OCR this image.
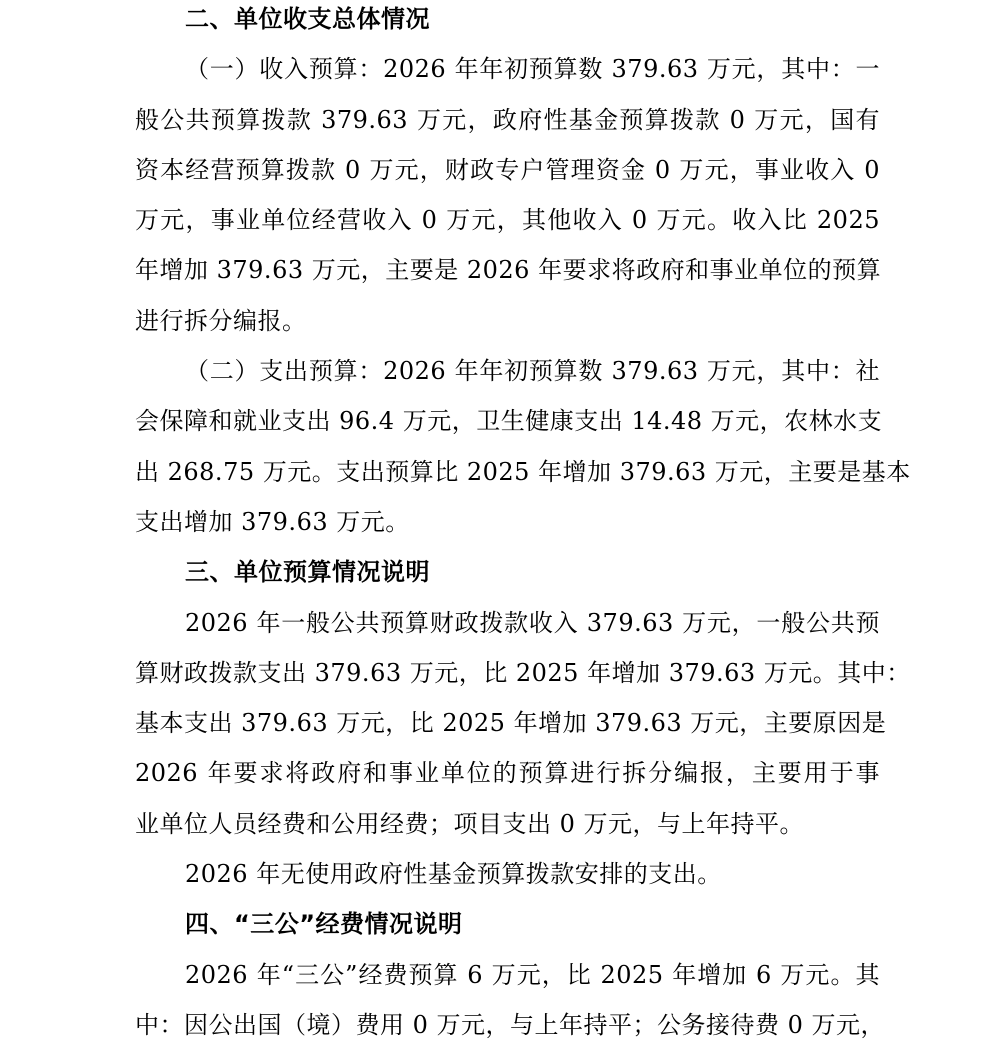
二、单位收支总体情况
（一）收入预算：2026 年年初预算数 379.63 万元，其中：一
般公共预算拨款 379.63 万元，政府性基金预算拨款 0 万元，国有
资本经营预算拨款 0 万元，财政专户管理资金 0 万元，事业收入 0
万元，事业单位经营收入 0 万元，其他收入 0 万元。收入比 2025
年增加 379.63 万元，主要是 2026 年要求将政府和事业单位的预算
进行拆分编报。
（二）支出预算：2026 年年初预算数 379.63 万元，其中：社
会保障和就业支出 96.4 万元，卫生健康支出 14.48 万元，农林水支
出 268.75 万元。支出预算比 2025 年增加 379.63 万元，主要是基本
支出增加 379.63 万元。
三、单位预算情况说明
2026 年一般公共预算财政拨款收入 379.63 万元，一般公共预
算财政拨款支出 379.63 万元，比 2025 年增加 379.63 万元。其中：
基本支出 379.63 万元，比 2025 年增加 379.63 万元，主要原因是
2026 年要求将政府和事业单位的预算进行拆分编报，主要用于事
业单位人员经费和公用经费；项目支出 0 万元，与上年持平。
2026 年无使用政府性基金预算拨款安排的支出。
四、“三公”经费情况说明
2026 年“三公”经费预算 6 万元，比 2025 年增加 6 万元。其
中：因公出国（境）费用 0 万元，与上年持平；公务接待费 0 万元，
